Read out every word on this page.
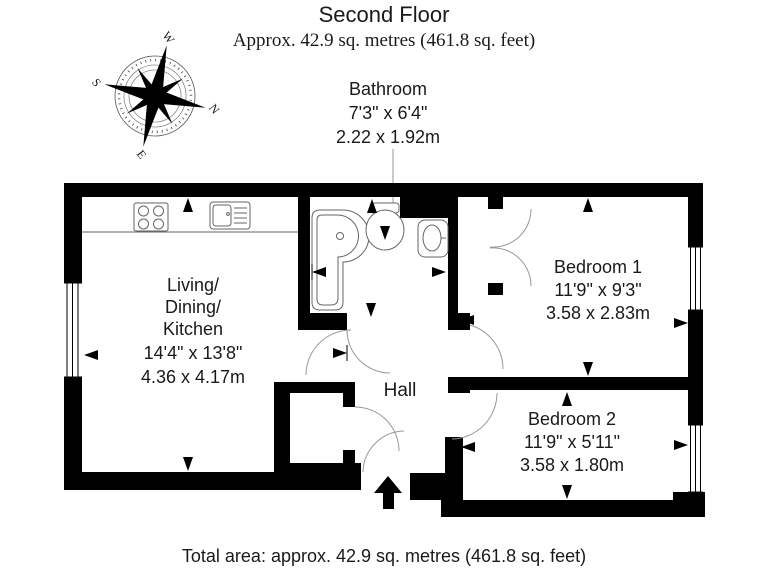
Second Floor
Approx. 42.9 sq. metres (461.8 sq. feet)
N
E
S
W
Bathroom
7'3" x 6'4"
2.22 x 1.92m
Living/
Dining/
Kitchen
14'4" x 13'8"
4.36 x 4.17m
Bedroom 1
11'9" x 9'3"
3.58 x 2.83m
Bedroom 2
11'9" x 5'11"
3.58 x 1.80m
Hall
Total area: approx. 42.9 sq. metres (461.8 sq. feet)
